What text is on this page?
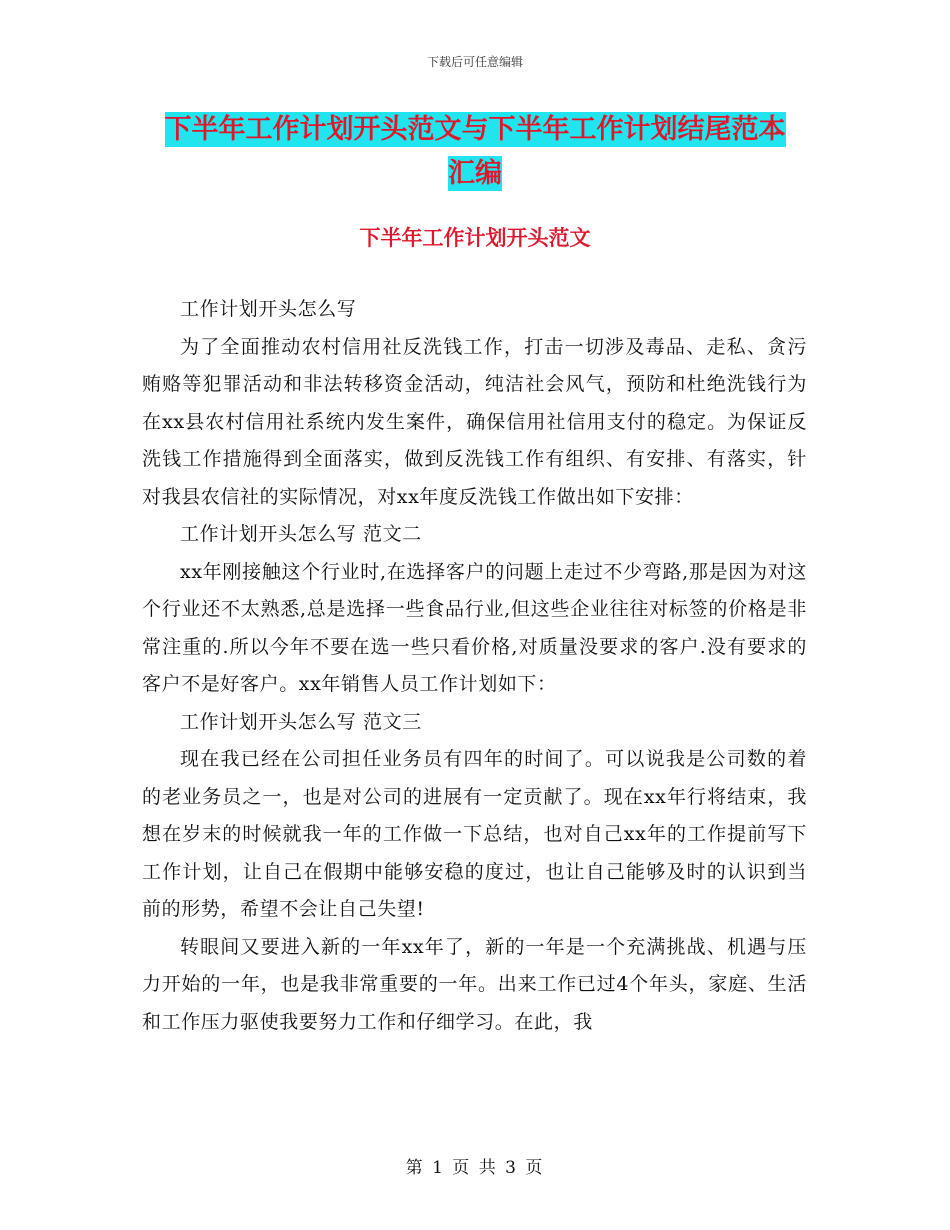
下载后可任意编辑
下半年工作计划开头范文与下半年工作计划结尾范本
汇编
下半年工作计划开头范文

工作计划开头怎么写

为了全面推动农村信用社反洗钱工作，打击一切涉及毒品、走私、贪污贿赂等犯罪活动和非法转移资金活动，纯洁社会风气，预防和杜绝洗钱行为在xx县农村信用社系统内发生案件，确保信用社信用支付的稳定。为保证反洗钱工作措施得到全面落实，做到反洗钱工作有组织、有安排、有落实，针对我县农信社的实际情况，对xx年度反洗钱工作做出如下安排：

工作计划开头怎么写 范文二

xx年刚接触这个行业时,在选择客户的问题上走过不少弯路,那是因为对这个行业还不太熟悉,总是选择一些食品行业,但这些企业往往对标签的价格是非常注重的.所以今年不要在选一些只看价格,对质量没要求的客户.没有要求的客户不是好客户。xx年销售人员工作计划如下：

工作计划开头怎么写 范文三

现在我已经在公司担任业务员有四年的时间了。可以说我是公司数的着的老业务员之一，也是对公司的进展有一定贡献了。现在xx年行将结束，我想在岁末的时候就我一年的工作做一下总结，也对自己xx年的工作提前写下工作计划，让自己在假期中能够安稳的度过，也让自己能够及时的认识到当前的形势，希望不会让自己失望!

转眼间又要进入新的一年xx年了，新的一年是一个充满挑战、机遇与压力开始的一年，也是我非常重要的一年。出来工作已过4个年头，家庭、生活和工作压力驱使我要努力工作和仔细学习。在此，我

第 1 页 共 3 页
